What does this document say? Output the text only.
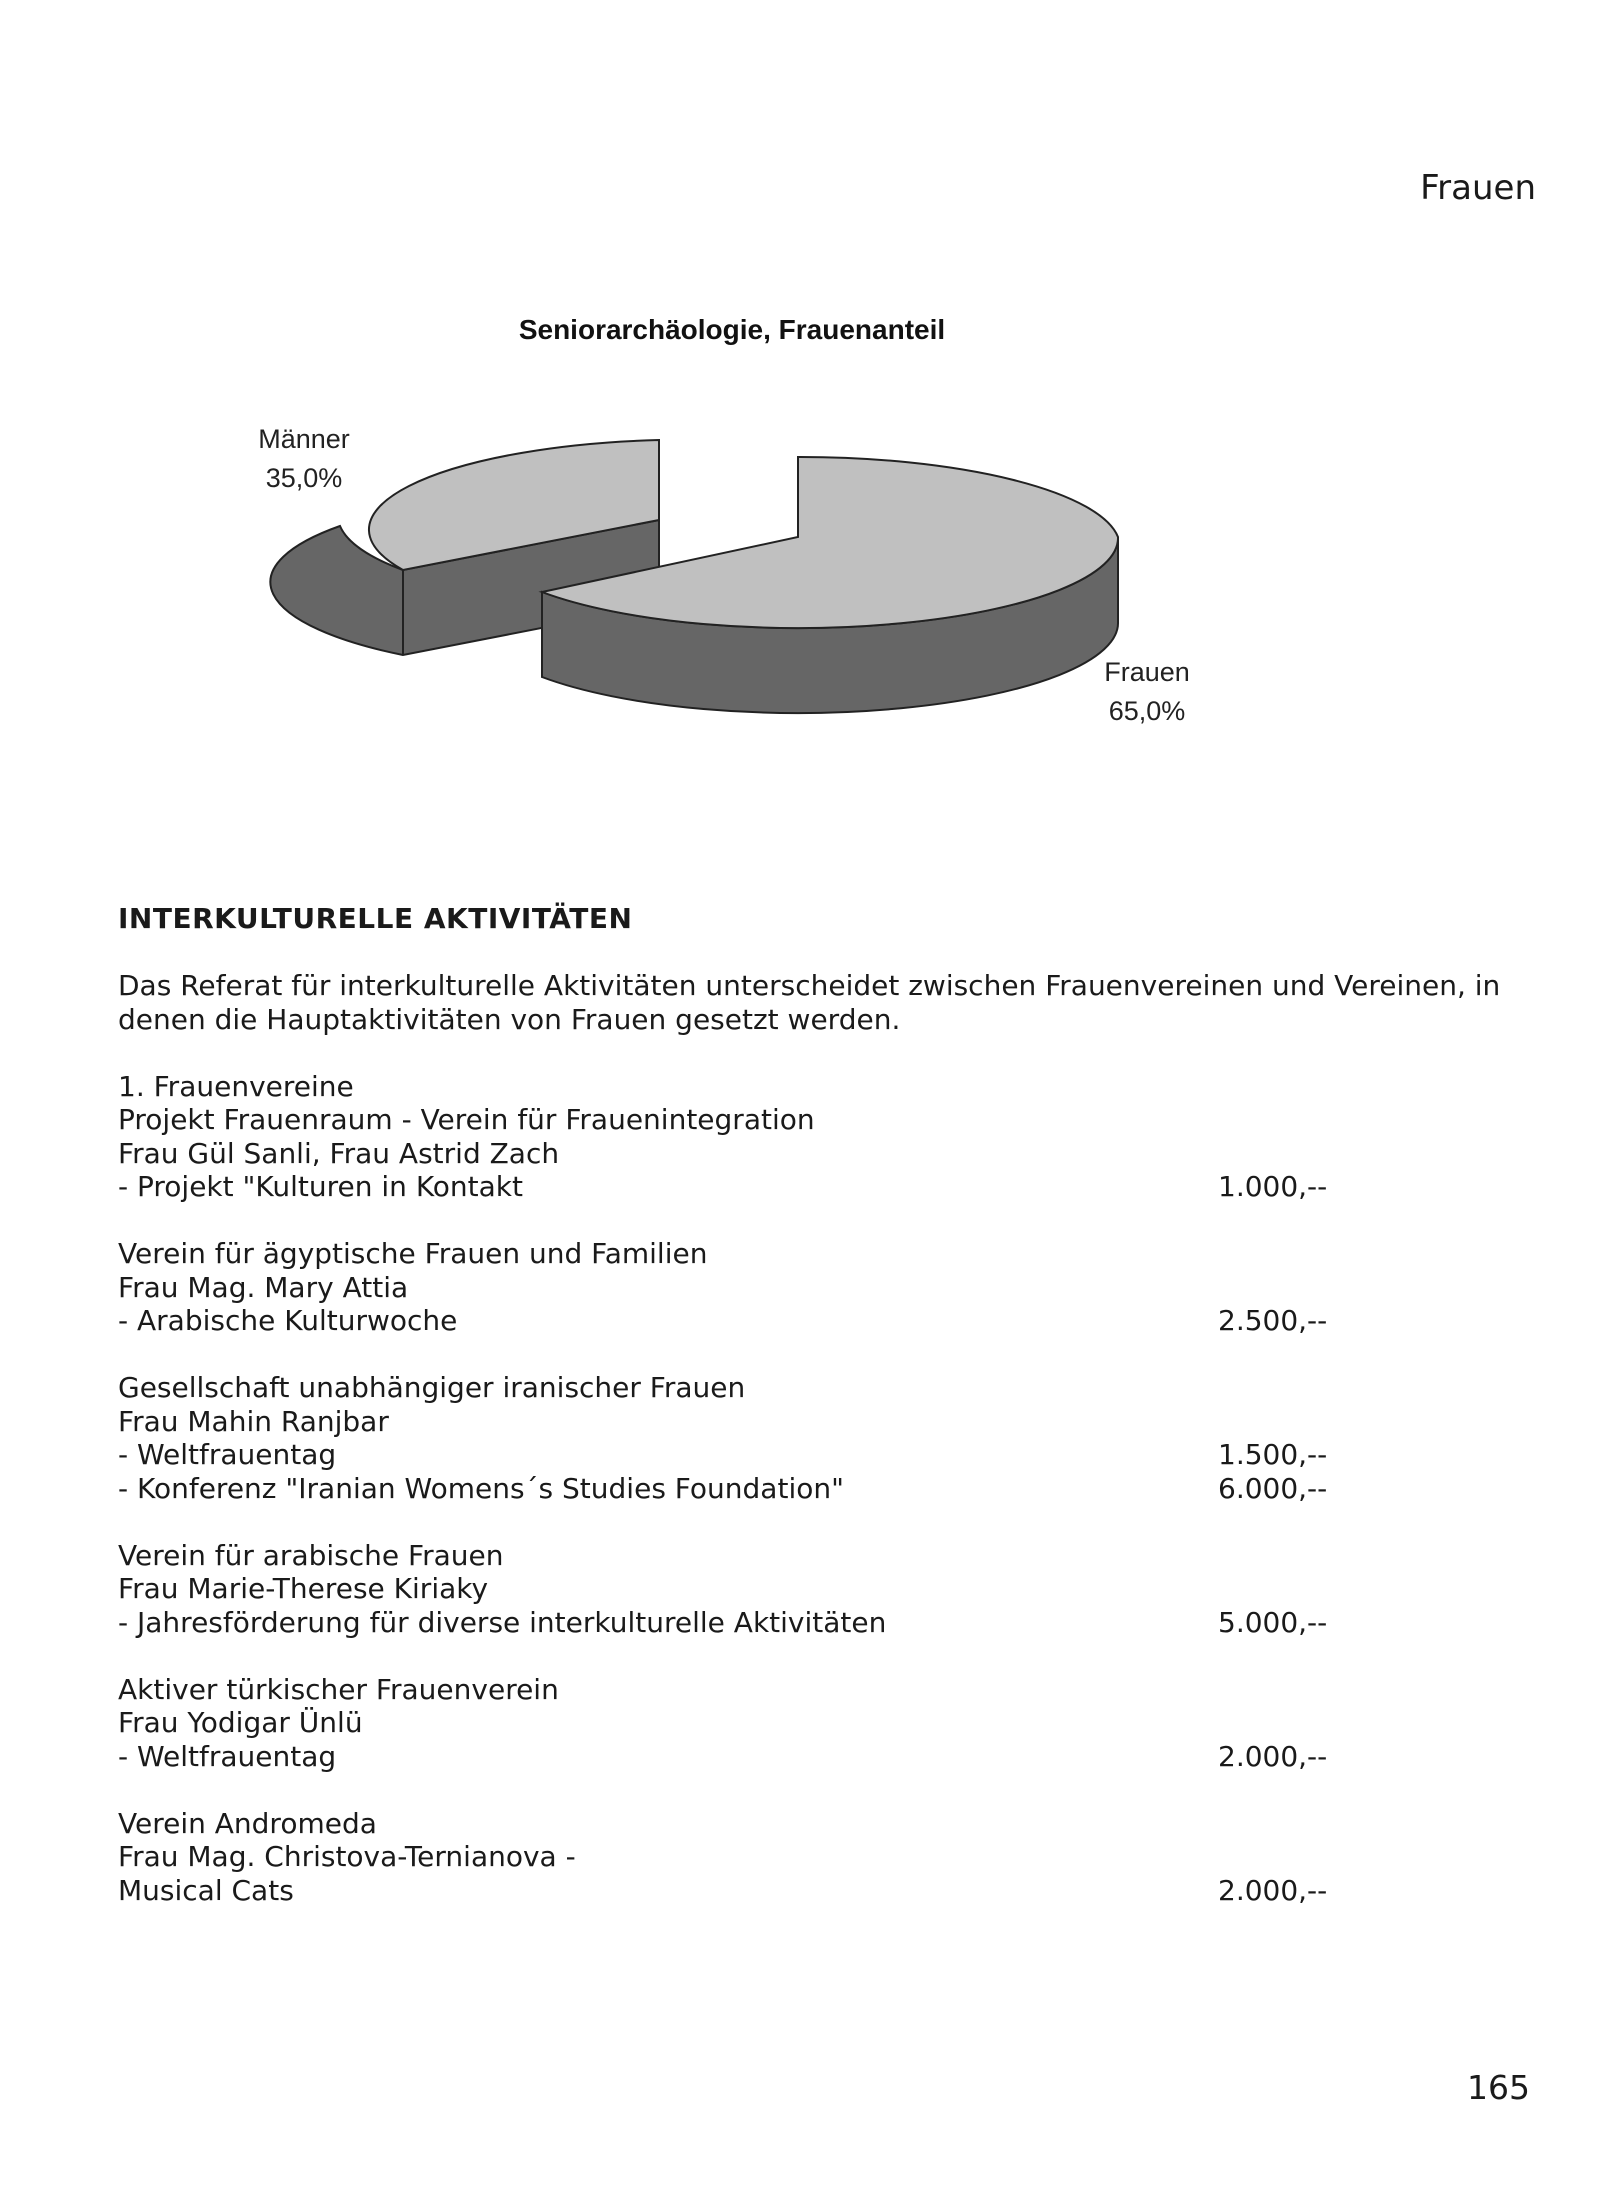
Frauen
Seniorarchäologie, Frauenanteil
Männer
35,0%
Frauen
65,0%
INTERKULTURELLE AKTIVITÄTEN
Das Referat für interkulturelle Aktivitäten unterscheidet zwischen Frauenvereinen und Vereinen, in
denen die Hauptaktivitäten von Frauen gesetzt werden.
1. Frauenvereine
Projekt Frauenraum - Verein für Frauenintegration
Frau Gül Sanli, Frau Astrid Zach
- Projekt "Kulturen in Kontakt	1.000,--
Verein für ägyptische Frauen und Familien
Frau Mag. Mary Attia
- Arabische Kulturwoche	2.500,--
Gesellschaft unabhängiger iranischer Frauen
Frau Mahin Ranjbar
- Weltfrauentag	1.500,--
- Konferenz "Iranian Womens´s Studies Foundation"	6.000,--
Verein für arabische Frauen
Frau Marie-Therese Kiriaky
- Jahresförderung für diverse interkulturelle Aktivitäten	5.000,--
Aktiver türkischer Frauenverein
Frau Yodigar Ünlü
- Weltfrauentag	2.000,--
Verein Andromeda
Frau Mag. Christova-Ternianova -
Musical Cats	2.000,--
165
